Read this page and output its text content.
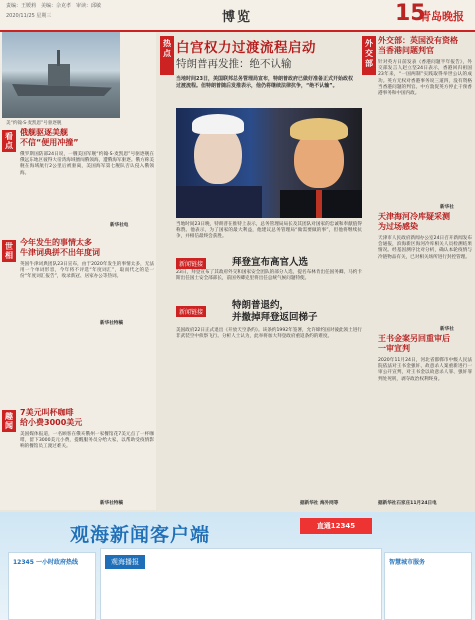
责编：王媛莉　美编：佘克孝　审读：邱敏
2020/11/25 星期三	博览	15
青岛晚报
美“约翰·S·麦凯恩”号驱逐舰
看点
俄舰驱逐美舰
不信“便用冲撞”
俄罗斯国防部24日说，一艘美国军舰“约翰·S·麦凯恩”号驱逐舰在俄远东地区彼得大帝湾海域擅闯俄领海，遭俄海军驱逐。俄方称美舰在海域航行2公里后被驱离，美国海军第七舰队否认侵入俄领海。
新华社电
世相
今年发生的事情太多
牛津词典拼不出年度词
英国牛津词典团队23日宣布，由于2020年发生的事情太多，无法用一个单词形容，今年将不评选“年度词汇”，取而代之的是一份“年度词汇报告”，收录新冠、居家办公等热词。
新华社特稿
趣闻
7美元叫杯咖啡
给小费3000美元
美国媒体报道，一名顾客在俄亥俄州一家餐馆花7美元点了一杯咖啡，留下3000美元小费，提醒服务员分给大家，以帮助受疫情影响的餐馆员工渡过难关。
新华社特稿
热点 白宫权力过渡流程启动
特朗普再发推：绝不认输
当地时间23日，美国联邦总务管理局宣布，特朗普政府已做好准备正式开始政权过渡流程。但特朗普随后发推表示，他仍将继续法律抗争，“绝不认输”。
当地时间23日晚，特朗普在推特上表示，总务管理局局长及其团队对国家的忠诚和奉献值得称赞。他表示，为了国家的最大利益，他建议总务管理局“做需要做的事”，但他将继续抗争，并相信最终会获胜。
新闻链接	拜登宣布高官人选
23日，拜登宣布了其政府外交和国家安全团队的部分人选，提名布林肯出任国务卿、马约卡斯出任国土安全部部长，前国务卿克里将出任总统气候问题特使。
新闻链接
特朗普退约，
并撤掉拜登返回梯子
美国政府22日正式退出《开放天空条约》。该条约1992年签署，允许缔约国对彼此领土进行非武装空中侦察飞行。分析人士认为，此举将加大拜登政府重返条约的难度。
据新华社 海外网等
外交部
外交部：英国没有资格
当香港问题判官
针对英方日前发表《香港问题半年报告》，外交部发言人赵立坚24日表示，香港回归祖国23年来，“一国两制”实践取得举世公认的成功。英方无权对香港事务说三道四，没有资格当香港问题的判官。中方敦促英方停止干预香港事务和中国内政。
新华社
天津海河冷库疑采测
为过场感染
天津市人民政府新闻办公室24日召开新闻发布会通报，滨海新区海河冷库相关人员检测结果情况。经基因测序比对分析，确认本轮疫情与冷链物品有关，已对相关场所进行封控管理。
新华社
王书金案另回重审后
一审宣判
2020年11月24日，河北省邯郸市中级人民法院依法对王书金强奸、故意杀人案重新进行一审公开宣判，对王书金以故意杀人罪、强奸罪判处死刑，剥夺政治权利终身。
据新华社石家庄11月24日电
观海新闻客户端	直通12345
12345 一小时政府热线	观海播报	智慧城市服务
